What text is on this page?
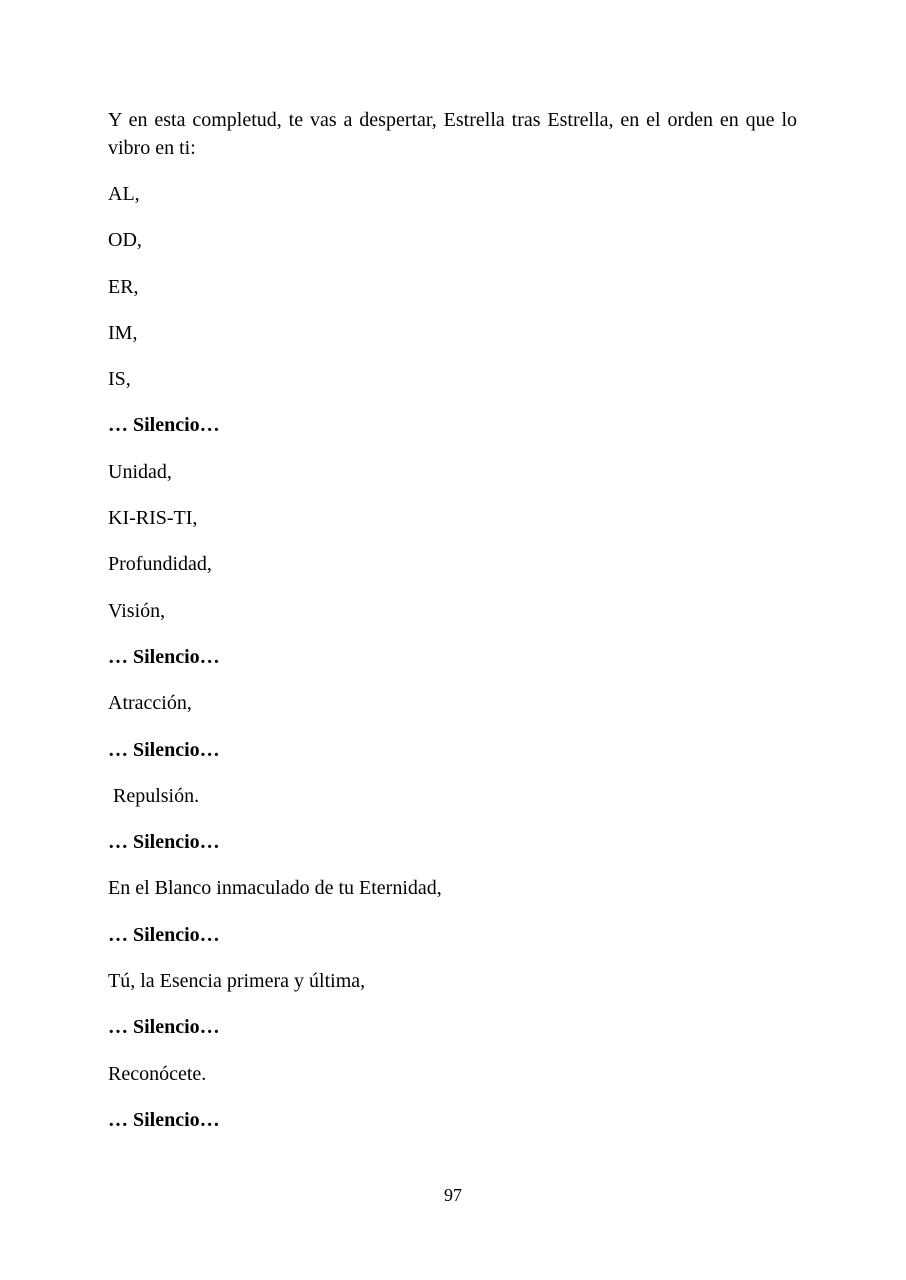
Y en esta completud, te vas a despertar, Estrella tras Estrella, en el orden en que lo vibro en ti:

AL,

OD,

ER,

IM,

IS,

… Silencio…

Unidad,

KI-RIS-TI,

Profundidad,

Visión,

… Silencio…

Atracción,

… Silencio…

Repulsión.

… Silencio…

En el Blanco inmaculado de tu Eternidad,

… Silencio…

Tú, la Esencia primera y última,

… Silencio…

Reconócete.

… Silencio…

97
